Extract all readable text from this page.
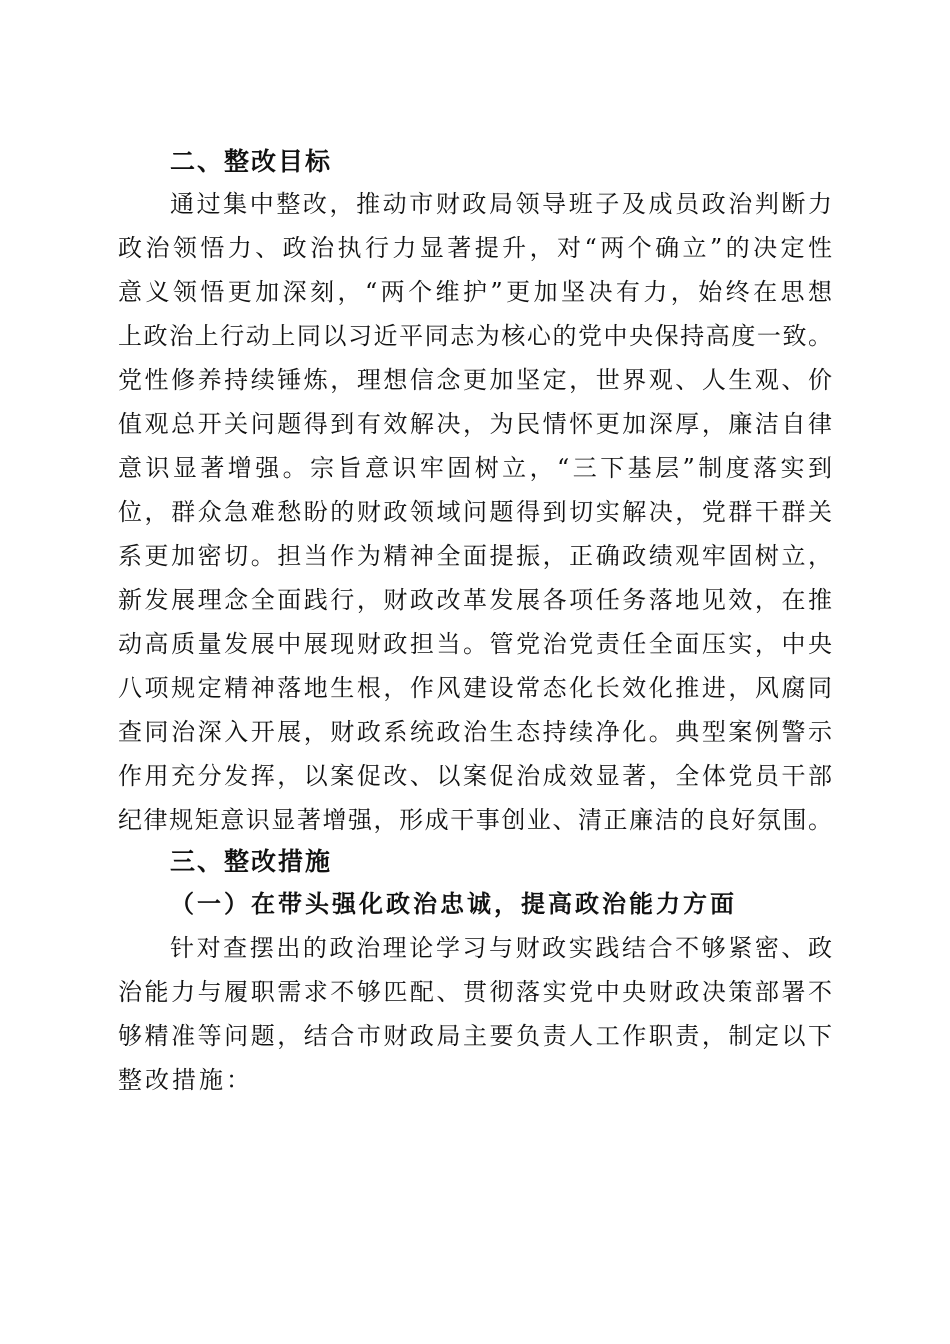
二、整改目标
通过集中整改，推动市财政局领导班子及成员政治判断力
政治领悟力、政治执行力显著提升，对“两个确立”的决定性
意义领悟更加深刻，“两个维护”更加坚决有力，始终在思想
上政治上行动上同以习近平同志为核心的党中央保持高度一致。
党性修养持续锤炼，理想信念更加坚定，世界观、人生观、价
值观总开关问题得到有效解决，为民情怀更加深厚，廉洁自律
意识显著增强。宗旨意识牢固树立，“三下基层”制度落实到
位，群众急难愁盼的财政领域问题得到切实解决，党群干群关
系更加密切。担当作为精神全面提振，正确政绩观牢固树立，
新发展理念全面践行，财政改革发展各项任务落地见效，在推
动高质量发展中展现财政担当。管党治党责任全面压实，中央
八项规定精神落地生根，作风建设常态化长效化推进，风腐同
查同治深入开展，财政系统政治生态持续净化。典型案例警示
作用充分发挥，以案促改、以案促治成效显著，全体党员干部
纪律规矩意识显著增强，形成干事创业、清正廉洁的良好氛围。
三、整改措施
（一）在带头强化政治忠诚，提高政治能力方面
针对查摆出的政治理论学习与财政实践结合不够紧密、政
治能力与履职需求不够匹配、贯彻落实党中央财政决策部署不
够精准等问题，结合市财政局主要负责人工作职责，制定以下
整改措施：
